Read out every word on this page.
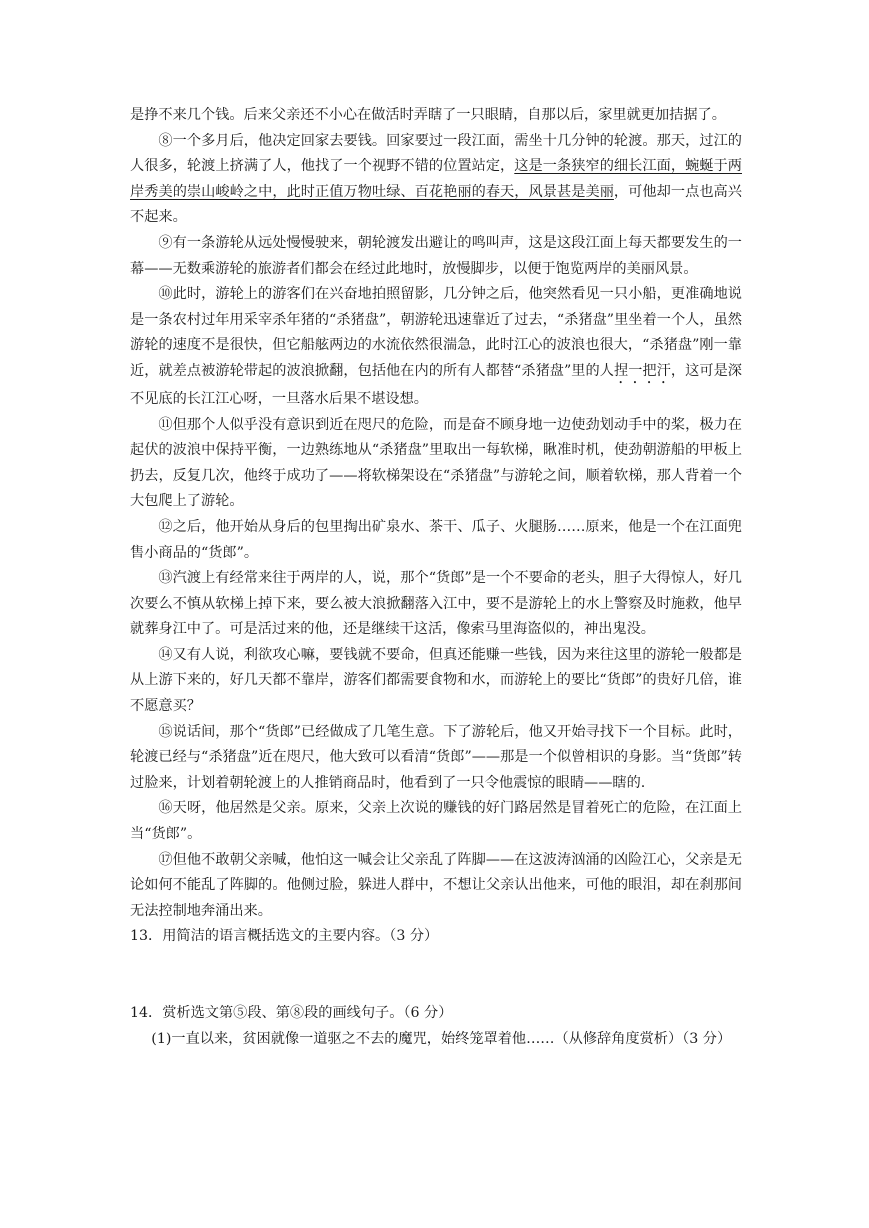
是挣不来几个钱。后来父亲还不小心在做活时弄瞎了一只眼睛，自那以后，家里就更加拮据了。

⑧一个多月后，他决定回家去要钱。回家要过一段江面，需坐十几分钟的轮渡。那天，过江的人很多，轮渡上挤满了人，他找了一个视野不错的位置站定，这是一条狭窄的细长江面，蜿蜒于两岸秀美的崇山峻岭之中，此时正值万物吐绿、百花艳丽的春天，风景甚是美丽，可他却一点也高兴不起来。

⑨有一条游轮从远处慢慢驶来，朝轮渡发出避让的鸣叫声，这是这段江面上每天都要发生的一幕——无数乘游轮的旅游者们都会在经过此地时，放慢脚步，以便于饱览两岸的美丽风景。

⑩此时，游轮上的游客们在兴奋地拍照留影，几分钟之后，他突然看见一只小船，更准确地说是一条农村过年用采宰杀年猪的“杀猪盘”，朝游轮迅速靠近了过去，“杀猪盘”里坐着一个人，虽然游轮的速度不是很快，但它船舷两边的水流依然很湍急，此时江心的波浪也很大，“杀猪盘”刚一靠近，就差点被游轮带起的波浪掀翻，包括他在内的所有人都替“杀猪盘”里的人捏一把汗，这可是深不见底的长江江心呀，一旦落水后果不堪设想。

⑪但那个人似乎没有意识到近在咫尺的危险，而是奋不顾身地一边使劲划动手中的桨，极力在起伏的波浪中保持平衡，一边熟练地从“杀猪盘”里取出一每软梯，瞅准时机，使劲朝游船的甲板上扔去，反复几次，他终于成功了——将软梯架设在“杀猪盘”与游轮之间，顺着软梯，那人背着一个大包爬上了游轮。

⑫之后，他开始从身后的包里掏出矿泉水、茶干、瓜子、火腿肠……原来，他是一个在江面兜售小商品的“货郎”。

⑬汽渡上有经常来往于两岸的人，说，那个“货郎”是一个不要命的老头，胆子大得惊人，好几次要么不慎从软梯上掉下来，要么被大浪掀翻落入江中，要不是游轮上的水上警察及时施救，他早就葬身江中了。可是活过来的他，还是继续干这活，像索马里海盗似的，神出鬼没。

⑭又有人说，利欲攻心嘛，要钱就不要命，但真还能赚一些钱，因为来往这里的游轮一般都是从上游下来的，好几天都不靠岸，游客们都需要食物和水，而游轮上的要比“货郎”的贵好几倍，谁不愿意买？

⑮说话间，那个“货郎”已经做成了几笔生意。下了游轮后，他又开始寻找下一个目标。此时，轮渡已经与“杀猪盘”近在咫尺，他大致可以看清“货郎”——那是一个似曾相识的身影。当“货郎”转过脸来，计划着朝轮渡上的人推销商品时，他看到了一只令他震惊的眼睛——瞎的.

⑯天呀，他居然是父亲。原来，父亲上次说的赚钱的好门路居然是冒着死亡的危险，在江面上当“货郎”。

⑰但他不敢朝父亲喊，他怕这一喊会让父亲乱了阵脚——在这波涛汹涌的凶险江心，父亲是无论如何不能乱了阵脚的。他侧过脸，躲进人群中，不想让父亲认出他来，可他的眼泪，却在刹那间无法控制地奔涌出来。

13．用简洁的语言概括选文的主要内容。（3 分）

14．赏析选文第⑤段、第⑧段的画线句子。（6 分）

(1)一直以来，贫困就像一道驱之不去的魔咒，始终笼罩着他……（从修辞角度赏析）（3 分）
